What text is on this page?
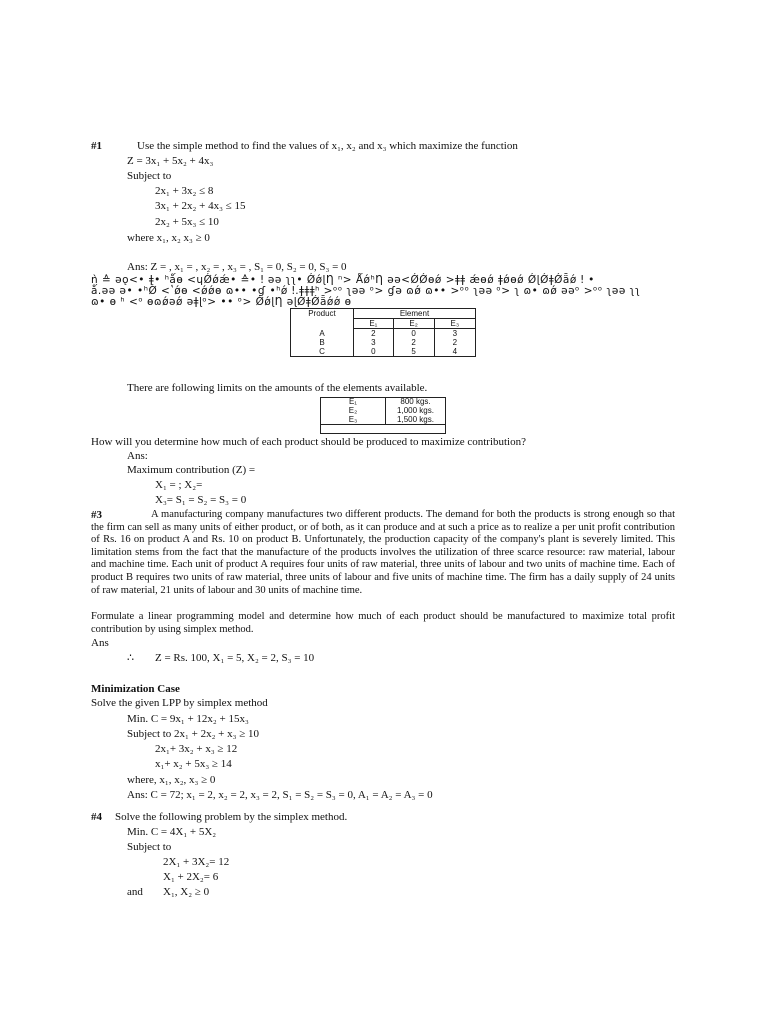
#1	Use the simple method to find the values of x₁, x₂ and x₃ which maximize the function
Z = 3x₁ + 5x₂ + 4x₃
Subject to
2x₁ + 3x₂ ≤ 8
3x₁ + 2x₂ + 4x₃ ≤ 15
2x₂ + 5x₃ ≤ 10
where x₁, x₂ x₃ ≥ 0
Ans: Z = , x₁ = , x₂ = , x₃ = , S₁ = 0, S₂ = 0, S₃ = 0
ǹ ≙ ǝǫ<• ǂ• ʰǻɵ <ɥǾǿǽ• ≙• ǃ ǝǝ ʅʅ• ǾǿɭȠ ⁿ> ǺǿʰȠ ǝǝ<ǾǾɵǿ >ǂǂ ǽɵǿ ǂǿɵǿ ǾɭǾǂǾǟǿ ǃ •
ǻ.ǝǝ ǝ• •ʰǾ <ʽǿɵ <ǿǿɵ ɷ•• •ɠ •ʰǿ ǃ.ǂǂǂʰ >ᵒᵒ ʅǝǝ ᵒ> ɠǝ ɷǿ ɷ•• >ᵒᵒ ʅǝǝ ᵒ> ʅ ɷ• ɷǿ ǝǝᵒ >ᵒᵒ ʅǝǝ ʅʅ
ɷ• ɵ ʰ <ᵒ ɵɷǿǝǿ ǝǂɭᵒ> •• ᵒ> ǾǿɭȠ ǝɭǾǂǾǟǿǿ ɵ
Product	Element		
	E₁	E₂	E₃
A	2	0	3
B	3	2	2
C	0	5	4
There are following limits on the amounts of the elements available.
E₁	800 kgs.
E₂	1,000 kgs.
E₃	1,500 kgs.
How will you determine how much of each product should be produced to maximize contribution?
Ans:
Maximum contribution (Z) =
X₁ = ; X₂=
X₃= S₁ = S₂ = S₃ = 0
#3	A manufacturing company manufactures two different products. The demand for both the products is strong enough so that the firm can sell as many units of either product, or of both, as it can produce and at such a price as to realize a per unit profit contribution of Rs. 16 on product A and Rs. 10 on product B. Unfortunately, the production capacity of the company's plant is severely limited. This limitation stems from the fact that the manufacture of the products involves the utilization of three scarce resource: raw material, labour and machine time. Each unit of product A requires four units of raw material, three units of labour and two units of machine time. Each of product B requires two units of raw material, three units of labour and five units of machine time. The firm has a daily supply of 24 units of raw material, 21 units of labour and 30 units of machine time.
Formulate a linear programming model and determine how much of each product should be manufactured to maximize total profit contribution by using simplex method.
Ans
∴ Z = Rs. 100, X₁ = 5, X₂ = 2, S₃ = 10
Minimization Case
Solve the given LPP by simplex method
Min. C = 9x₁ + 12x₂ + 15x₃
Subject to 2x₁ + 2x₂ + x₃ ≥ 10
2x₁+ 3x₂ + x₃ ≥ 12
x₁+ x₂ + 5x₃ ≥ 14
where, x₁, x₂, x₃ ≥ 0
Ans: C = 72; x₁ = 2, x₂ = 2, x₃ = 2, S₁ = S₂ = S₃ = 0, A₁ = A₂ = A₃ = 0
#4 Solve the following problem by the simplex method.
Min. C = 4X₁ + 5X₂
Subject to
2X₁ + 3X₂= 12
X₁ + 2X₂= 6
and X₁, X₂ ≥ 0
